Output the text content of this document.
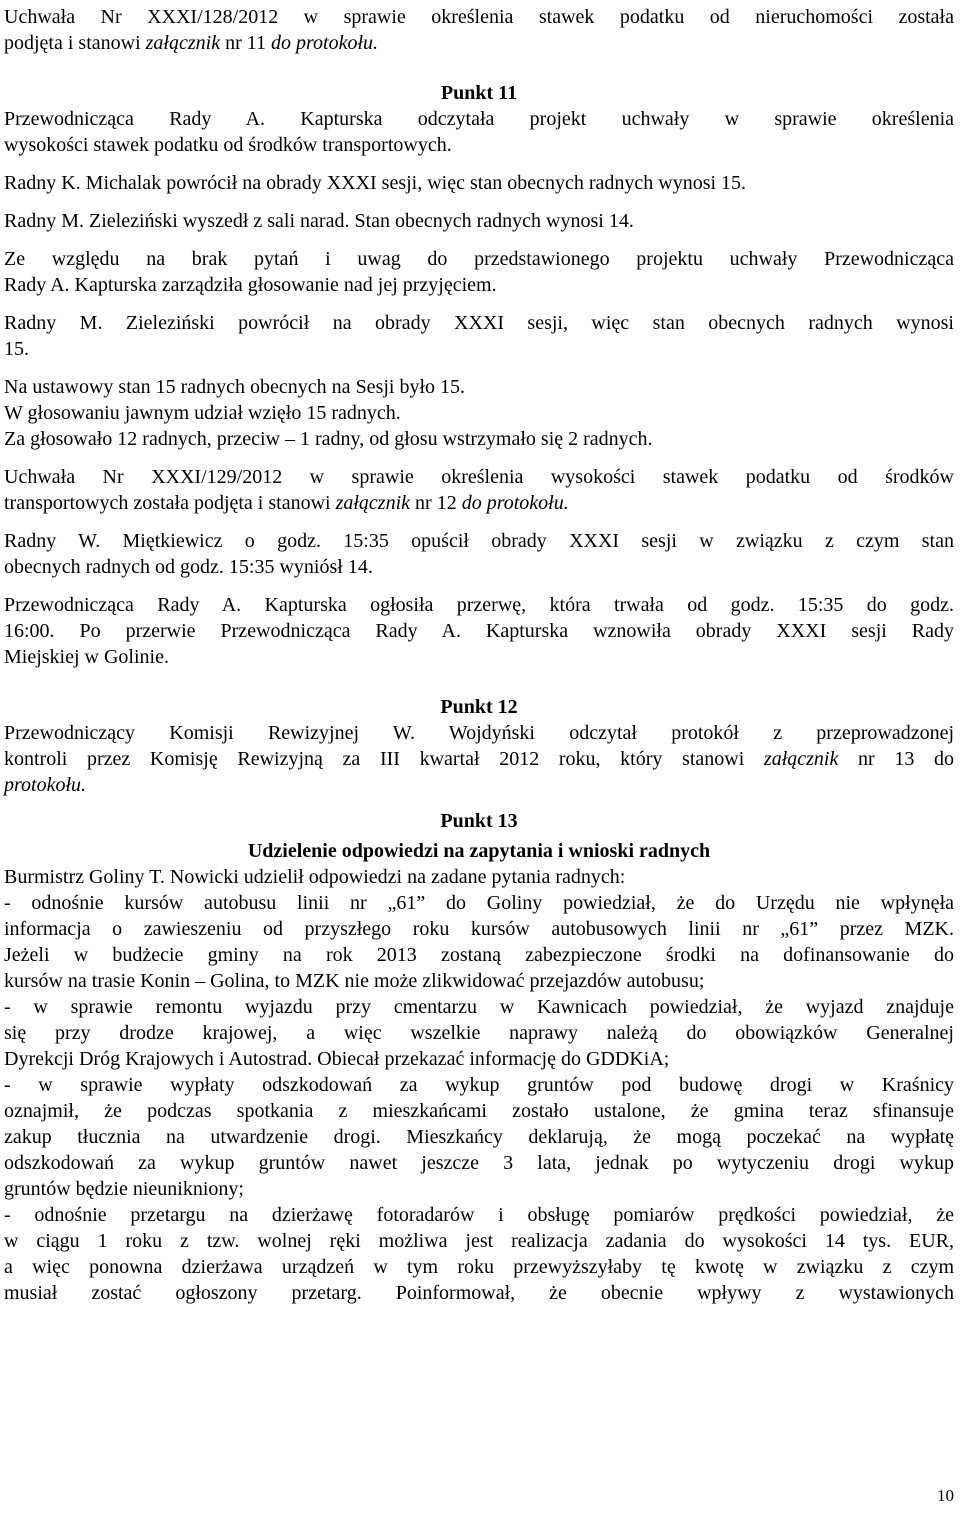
Uchwała Nr XXXI/128/2012 w sprawie określenia stawek podatku od nieruchomości została

podjęta i stanowi załącznik nr 11 do protokołu.

Punkt 11

Przewodnicząca Rady A. Kapturska odczytała projekt uchwały w sprawie określenia

wysokości stawek podatku od środków transportowych.

Radny K. Michalak powrócił na obrady XXXI sesji, więc stan obecnych radnych wynosi 15.

Radny M. Zieleziński wyszedł z sali narad. Stan obecnych radnych wynosi 14.

Ze względu na brak pytań i uwag do przedstawionego projektu uchwały Przewodnicząca

Rady A. Kapturska zarządziła głosowanie nad jej przyjęciem.

Radny M. Zieleziński powrócił na obrady XXXI sesji, więc stan obecnych radnych wynosi

15.

Na ustawowy stan 15 radnych obecnych na Sesji było 15.

W głosowaniu jawnym udział wzięło 15 radnych.

Za głosowało 12 radnych, przeciw – 1 radny, od głosu wstrzymało się 2 radnych.

Uchwała Nr XXXI/129/2012 w sprawie określenia wysokości stawek podatku od środków

transportowych została podjęta i stanowi załącznik nr 12 do protokołu.

Radny W. Miętkiewicz o godz. 15:35 opuścił obrady XXXI sesji w związku z czym stan

obecnych radnych od godz. 15:35 wyniósł 14.

Przewodnicząca Rady A. Kapturska ogłosiła przerwę, która trwała od godz. 15:35 do godz.

16:00. Po przerwie Przewodnicząca Rady A. Kapturska wznowiła obrady XXXI sesji Rady

Miejskiej w Golinie.

Punkt 12

Przewodniczący Komisji Rewizyjnej W. Wojdyński odczytał protokół z przeprowadzonej

kontroli przez Komisję Rewizyjną za III kwartał 2012 roku, który stanowi załącznik nr 13 do

protokołu.

Punkt 13

Udzielenie odpowiedzi na zapytania i wnioski radnych

Burmistrz Goliny T. Nowicki udzielił odpowiedzi na zadane pytania radnych:

- odnośnie kursów autobusu linii nr „61” do Goliny powiedział, że do Urzędu nie wpłynęła

informacja o zawieszeniu od przyszłego roku kursów autobusowych linii nr „61” przez MZK.

Jeżeli w budżecie gminy na rok 2013 zostaną zabezpieczone środki na dofinansowanie do

kursów na trasie Konin – Golina, to MZK nie może zlikwidować przejazdów autobusu;

- w sprawie remontu wyjazdu przy cmentarzu w Kawnicach powiedział, że wyjazd znajduje

się przy drodze krajowej, a więc wszelkie naprawy należą do obowiązków Generalnej

Dyrekcji Dróg Krajowych i Autostrad. Obiecał przekazać informację do GDDKiA;

- w sprawie wypłaty odszkodowań za wykup gruntów pod budowę drogi w Kraśnicy

oznajmił, że podczas spotkania z mieszkańcami zostało ustalone, że gmina teraz sfinansuje

zakup tłucznia na utwardzenie drogi. Mieszkańcy deklarują, że mogą poczekać na wypłatę

odszkodowań za wykup gruntów nawet jeszcze 3 lata, jednak po wytyczeniu drogi wykup

gruntów będzie nieunikniony;

- odnośnie przetargu na dzierżawę fotoradarów i obsługę pomiarów prędkości powiedział, że

w ciągu 1 roku z tzw. wolnej ręki możliwa jest realizacja zadania do wysokości 14 tys. EUR,

a więc ponowna dzierżawa urządzeń w tym roku przewyższyłaby tę kwotę w związku z czym

musiał zostać ogłoszony przetarg. Poinformował, że obecnie wpływy z wystawionych

10
